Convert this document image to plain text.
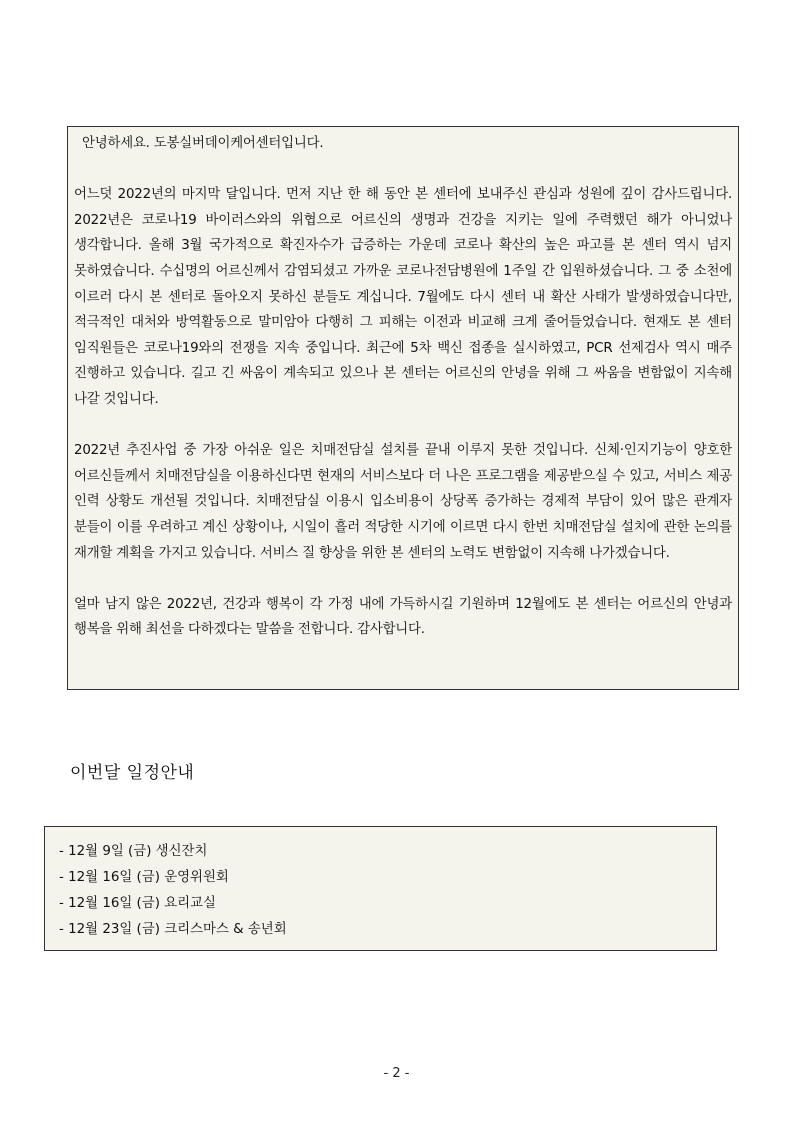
안녕하세요. 도봉실버데이케어센터입니다.

어느덧 2022년의 마지막 달입니다. 먼저 지난 한 해 동안 본 센터에 보내주신 관심과 성원에 깊이 감사드립니다. 2022년은 코로나19 바이러스와의 위협으로 어르신의 생명과 건강을 지키는 일에 주력했던 해가 아니었나 생각합니다. 올해 3월 국가적으로 확진자수가 급증하는 가운데 코로나 확산의 높은 파고를 본 센터 역시 넘지 못하였습니다. 수십명의 어르신께서 감염되셨고 가까운 코로나전담병원에 1주일 간 입원하셨습니다. 그 중 소천에 이르러 다시 본 센터로 돌아오지 못하신 분들도 계십니다. 7월에도 다시 센터 내 확산 사태가 발생하였습니다만, 적극적인 대처와 방역활동으로 말미암아 다행히 그 피해는 이전과 비교해 크게 줄어들었습니다. 현재도 본 센터 임직원들은 코로나19와의 전쟁을 지속 중입니다. 최근에 5차 백신 접종을 실시하였고, PCR 선제검사 역시 매주 진행하고 있습니다. 길고 긴 싸움이 계속되고 있으나 본 센터는 어르신의 안녕을 위해 그 싸움을 변함없이 지속해 나갈 것입니다.

2022년 추진사업 중 가장 아쉬운 일은 치매전담실 설치를 끝내 이루지 못한 것입니다. 신체·인지기능이 양호한 어르신들께서 치매전담실을 이용하신다면 현재의 서비스보다 더 나은 프로그램을 제공받으실 수 있고, 서비스 제공 인력 상황도 개선될 것입니다. 치매전담실 이용시 입소비용이 상당폭 증가하는 경제적 부담이 있어 많은 관계자 분들이 이를 우려하고 계신 상황이나, 시일이 흘러 적당한 시기에 이르면 다시 한번 치매전담실 설치에 관한 논의를 재개할 계획을 가지고 있습니다. 서비스 질 향상을 위한 본 센터의 노력도 변함없이 지속해 나가겠습니다.

얼마 남지 않은 2022년, 건강과 행복이 각 가정 내에 가득하시길 기원하며 12월에도 본 센터는 어르신의 안녕과 행복을 위해 최선을 다하겠다는 말씀을 전합니다. 감사합니다.

이번달 일정안내
- 12월 9일 (금) 생신잔치
- 12월 16일 (금) 운영위원회
- 12월 16일 (금) 요리교실
- 12월 23일 (금) 크리스마스 & 송년회
- 2 -
